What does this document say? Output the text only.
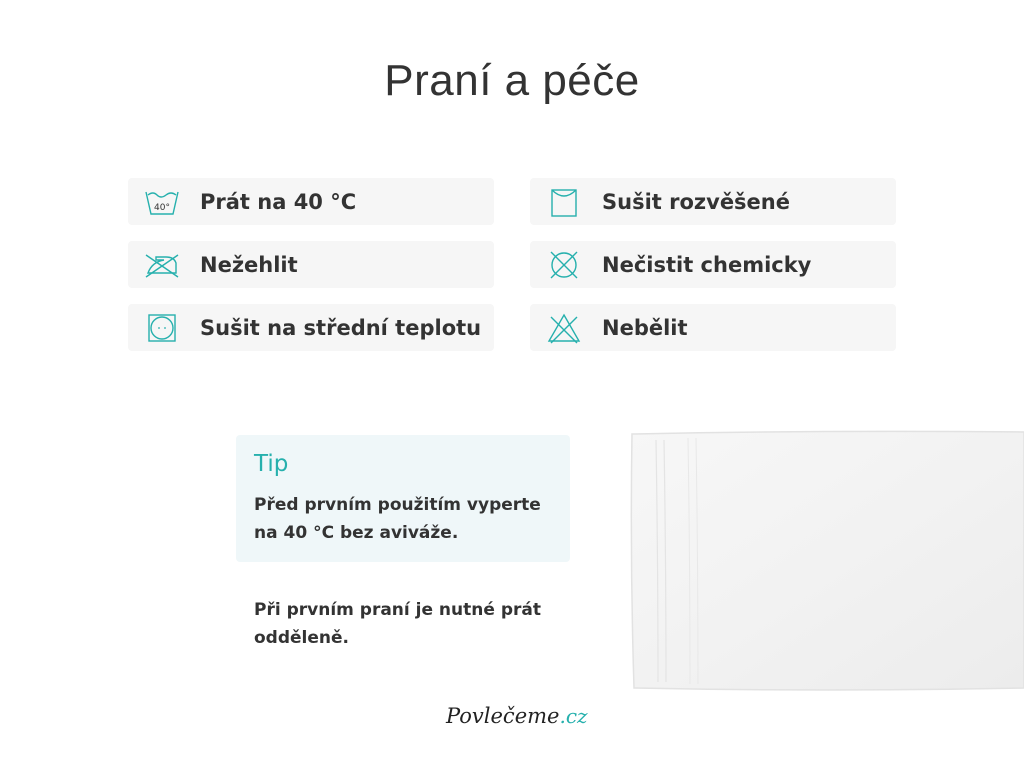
Praní a péče
40° Prát na 40 °C	Sušit rozvěšené
Nežehlit	Nečistit chemicky
Sušit na střední teplotu	Nebělit
Tip
Před prvním použitím vyperte na 40 °C bez aviváže.
Při prvním praní je nutné prát odděleně.
Povlečeme.cz
